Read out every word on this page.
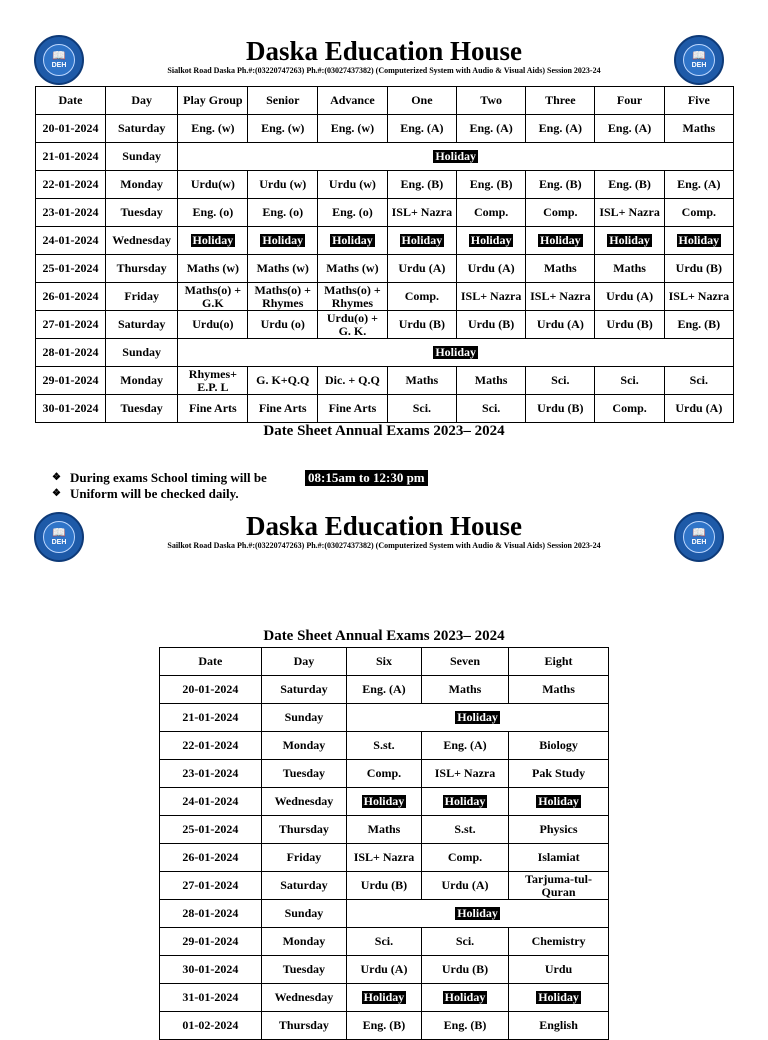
📖
DEH
📖
DEH
Daska Education House
Sialkot Road Daska Ph.#:(03220747263) Ph.#:(03027437382) (Computerized System with Audio & Visual Aids) Session 2023-24
Date	Day	Play Group	Senior	Advance	One	Two	Three	Four	Five
20-01-2024	Saturday	Eng. (w)	Eng. (w)	Eng. (w)	Eng. (A)	Eng. (A)	Eng. (A)	Eng. (A)	Maths
21-01-2024	Sunday	Holiday							
22-01-2024	Monday	Urdu(w)	Urdu (w)	Urdu (w)	Eng. (B)	Eng. (B)	Eng. (B)	Eng. (B)	Eng. (A)
23-01-2024	Tuesday	Eng. (o)	Eng. (o)	Eng. (o)	ISL+ Nazra	Comp.	Comp.	ISL+ Nazra	Comp.
24-01-2024	Wednesday	Holiday	Holiday	Holiday	Holiday	Holiday	Holiday	Holiday	Holiday
25-01-2024	Thursday	Maths (w)	Maths (w)	Maths (w)	Urdu (A)	Urdu (A)	Maths	Maths	Urdu (B)
26-01-2024	Friday	Maths(o) + G.K	Maths(o) + Rhymes	Maths(o) + Rhymes	Comp.	ISL+ Nazra	ISL+ Nazra	Urdu (A)	ISL+ Nazra
27-01-2024	Saturday	Urdu(o)	Urdu (o)	Urdu(o) + G. K.	Urdu (B)	Urdu (B)	Urdu (A)	Urdu (B)	Eng. (B)
28-01-2024	Sunday	Holiday							
29-01-2024	Monday	Rhymes+ E.P. L	G. K+Q.Q	Dic. + Q.Q	Maths	Maths	Sci.	Sci.	Sci.
30-01-2024	Tuesday	Fine Arts	Fine Arts	Fine Arts	Sci.	Sci.	Urdu (B)	Comp.	Urdu (A)
Date Sheet Annual Exams 2023– 2024
❖ During exams School timing will be
❖ Uniform will be checked daily.
08:15am to 12:30 pm
📖
DEH
📖
DEH
Daska Education House
Sailkot Road Daska Ph.#:(03220747263) Ph.#:(03027437382) (Computerized System with Audio & Visual Aids) Session 2023-24
Date Sheet Annual Exams 2023– 2024
Date	Day	Six	Seven	Eight
20-01-2024	Saturday	Eng. (A)	Maths	Maths
21-01-2024	Sunday	Holiday		
22-01-2024	Monday	S.st.	Eng. (A)	Biology
23-01-2024	Tuesday	Comp.	ISL+ Nazra	Pak Study
24-01-2024	Wednesday	Holiday	Holiday	Holiday
25-01-2024	Thursday	Maths	S.st.	Physics
26-01-2024	Friday	ISL+ Nazra	Comp.	Islamiat
27-01-2024	Saturday	Urdu (B)	Urdu (A)	Tarjuma-tul-Quran
28-01-2024	Sunday	Holiday		
29-01-2024	Monday	Sci.	Sci.	Chemistry
30-01-2024	Tuesday	Urdu (A)	Urdu (B)	Urdu
31-01-2024	Wednesday	Holiday	Holiday	Holiday
01-02-2024	Thursday	Eng. (B)	Eng. (B)	English
